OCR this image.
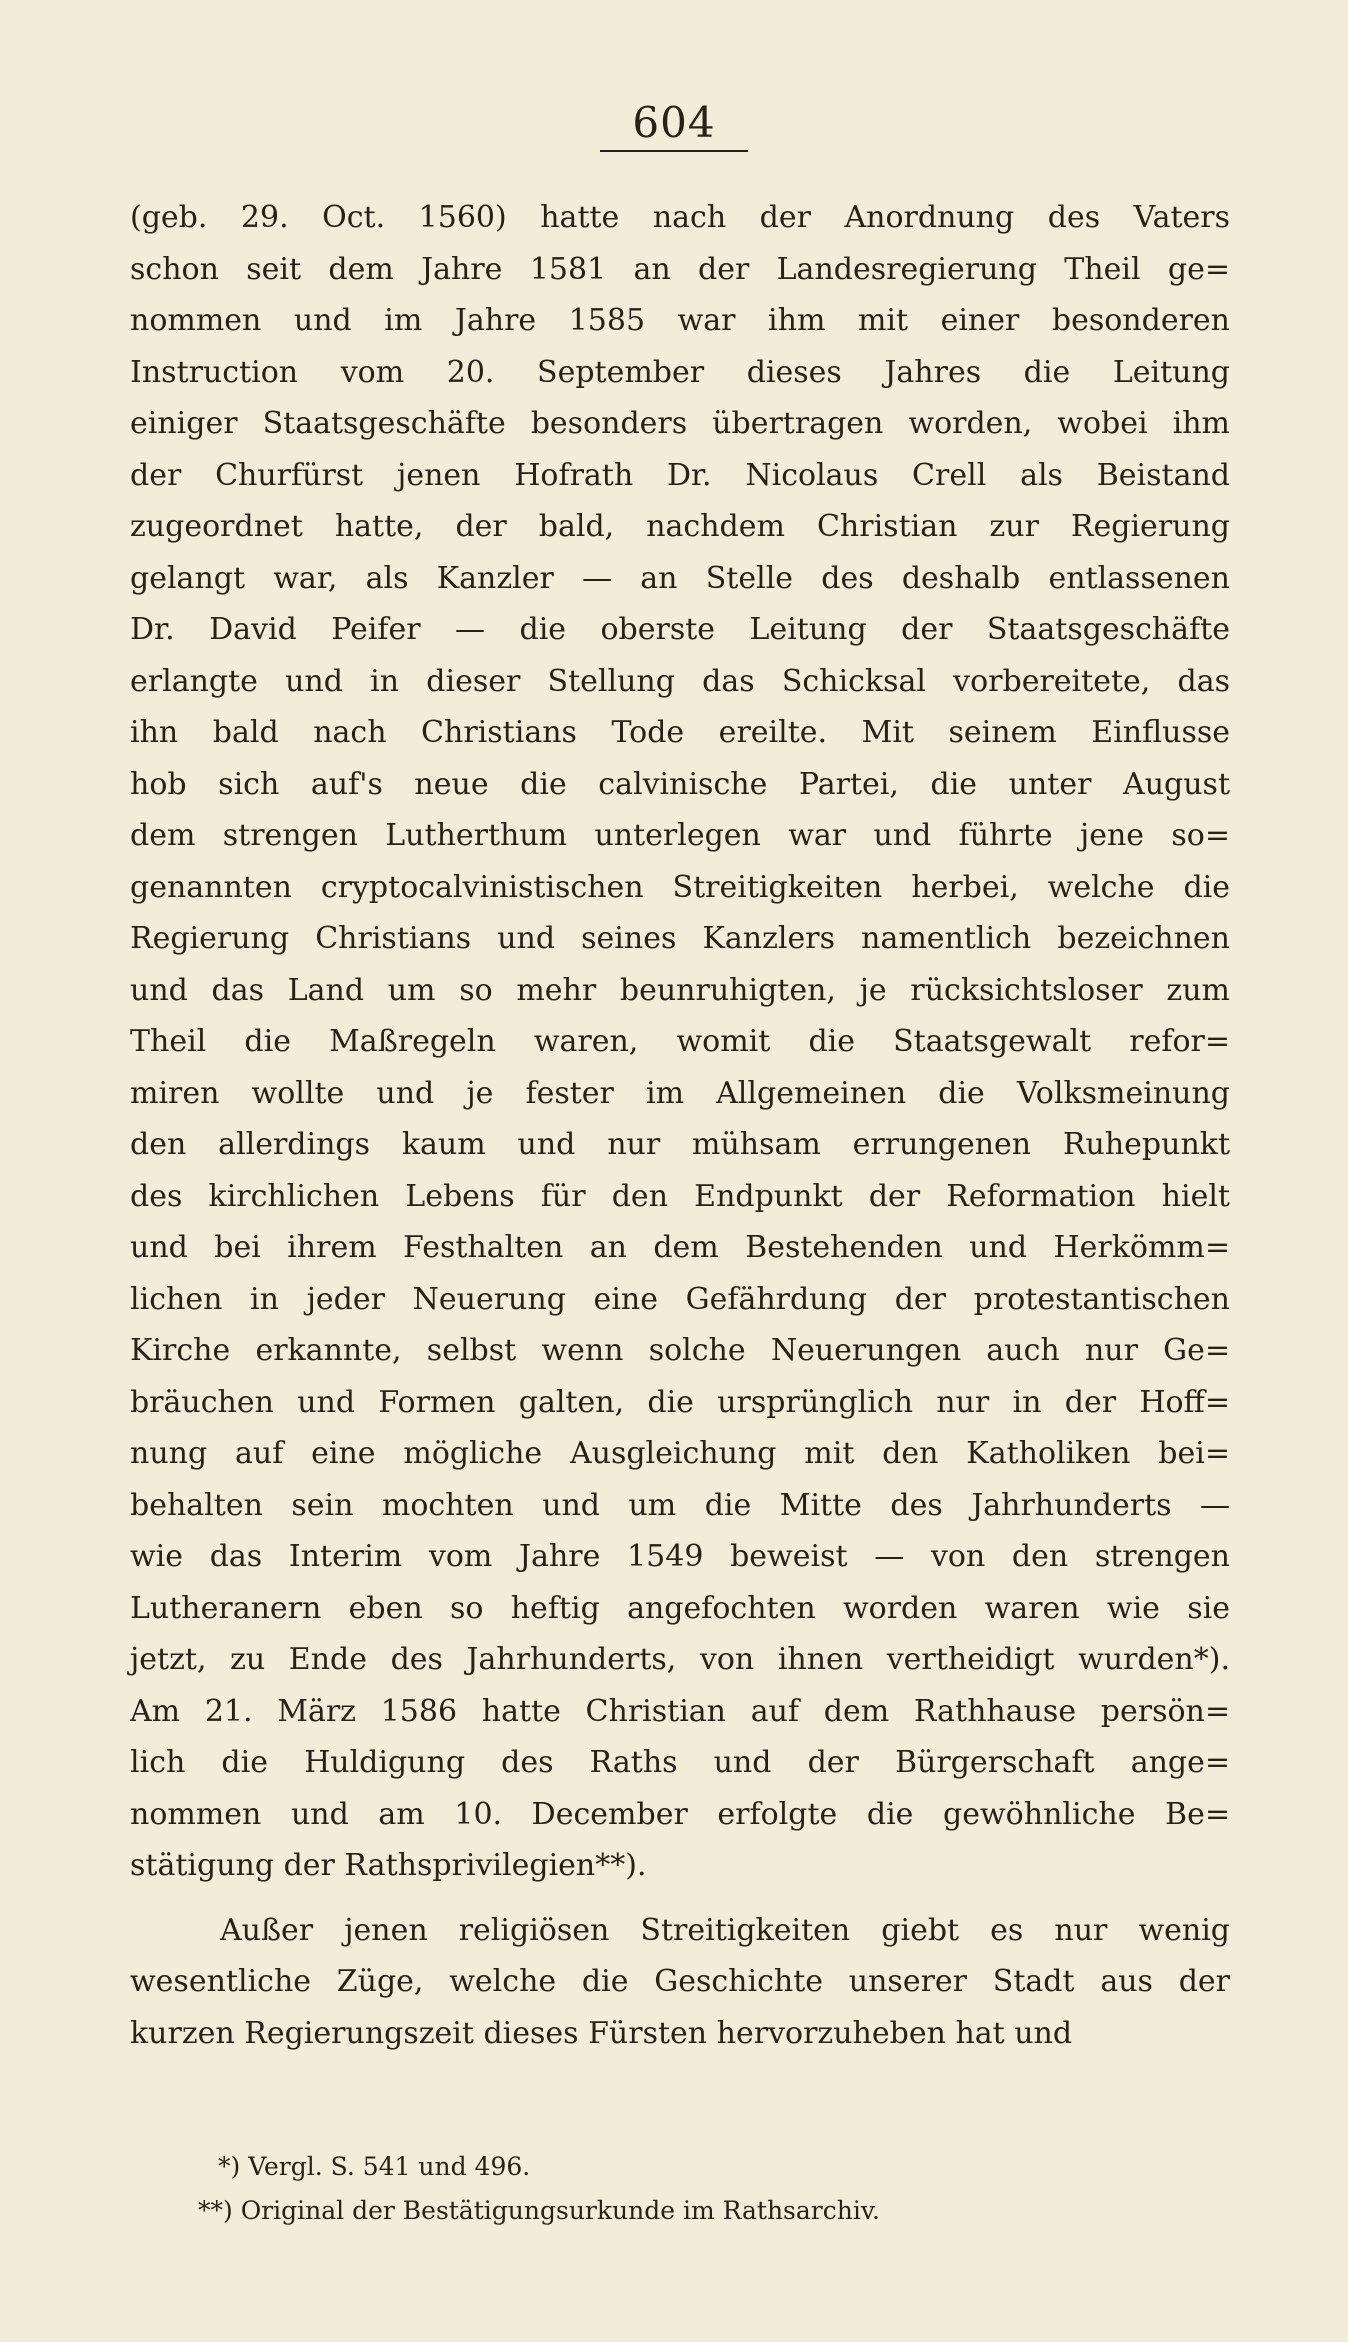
604
(geb. 29. Oct. 1560) hatte nach der Anordnung des Vaters
schon seit dem Jahre 1581 an der Landesregierung Theil ge=
nommen und im Jahre 1585 war ihm mit einer besonderen
Instruction vom 20. September dieses Jahres die Leitung
einiger Staatsgeschäfte besonders übertragen worden, wobei ihm
der Churfürst jenen Hofrath Dr. Nicolaus Crell als Beistand
zugeordnet hatte, der bald, nachdem Christian zur Regierung
gelangt war, als Kanzler — an Stelle des deshalb entlassenen
Dr. David Peifer — die oberste Leitung der Staatsgeschäfte
erlangte und in dieser Stellung das Schicksal vorbereitete, das
ihn bald nach Christians Tode ereilte. Mit seinem Einflusse
hob sich auf's neue die calvinische Partei, die unter August
dem strengen Lutherthum unterlegen war und führte jene so=
genannten cryptocalvinistischen Streitigkeiten herbei, welche die
Regierung Christians und seines Kanzlers namentlich bezeichnen
und das Land um so mehr beunruhigten, je rücksichtsloser zum
Theil die Maßregeln waren, womit die Staatsgewalt refor=
miren wollte und je fester im Allgemeinen die Volksmeinung
den allerdings kaum und nur mühsam errungenen Ruhepunkt
des kirchlichen Lebens für den Endpunkt der Reformation hielt
und bei ihrem Festhalten an dem Bestehenden und Herkömm=
lichen in jeder Neuerung eine Gefährdung der protestantischen
Kirche erkannte, selbst wenn solche Neuerungen auch nur Ge=
bräuchen und Formen galten, die ursprünglich nur in der Hoff=
nung auf eine mögliche Ausgleichung mit den Katholiken bei=
behalten sein mochten und um die Mitte des Jahrhunderts —
wie das Interim vom Jahre 1549 beweist — von den strengen
Lutheranern eben so heftig angefochten worden waren wie sie
jetzt, zu Ende des Jahrhunderts, von ihnen vertheidigt wurden*).
Am 21. März 1586 hatte Christian auf dem Rathhause persön=
lich die Huldigung des Raths und der Bürgerschaft ange=
nommen und am 10. December erfolgte die gewöhnliche Be=
stätigung der Rathsprivilegien**).
Außer jenen religiösen Streitigkeiten giebt es nur wenig
wesentliche Züge, welche die Geschichte unserer Stadt aus der
kurzen Regierungszeit dieses Fürsten hervorzuheben hat und
*) Vergl. S. 541 und 496.
**) Original der Bestätigungsurkunde im Rathsarchiv.
